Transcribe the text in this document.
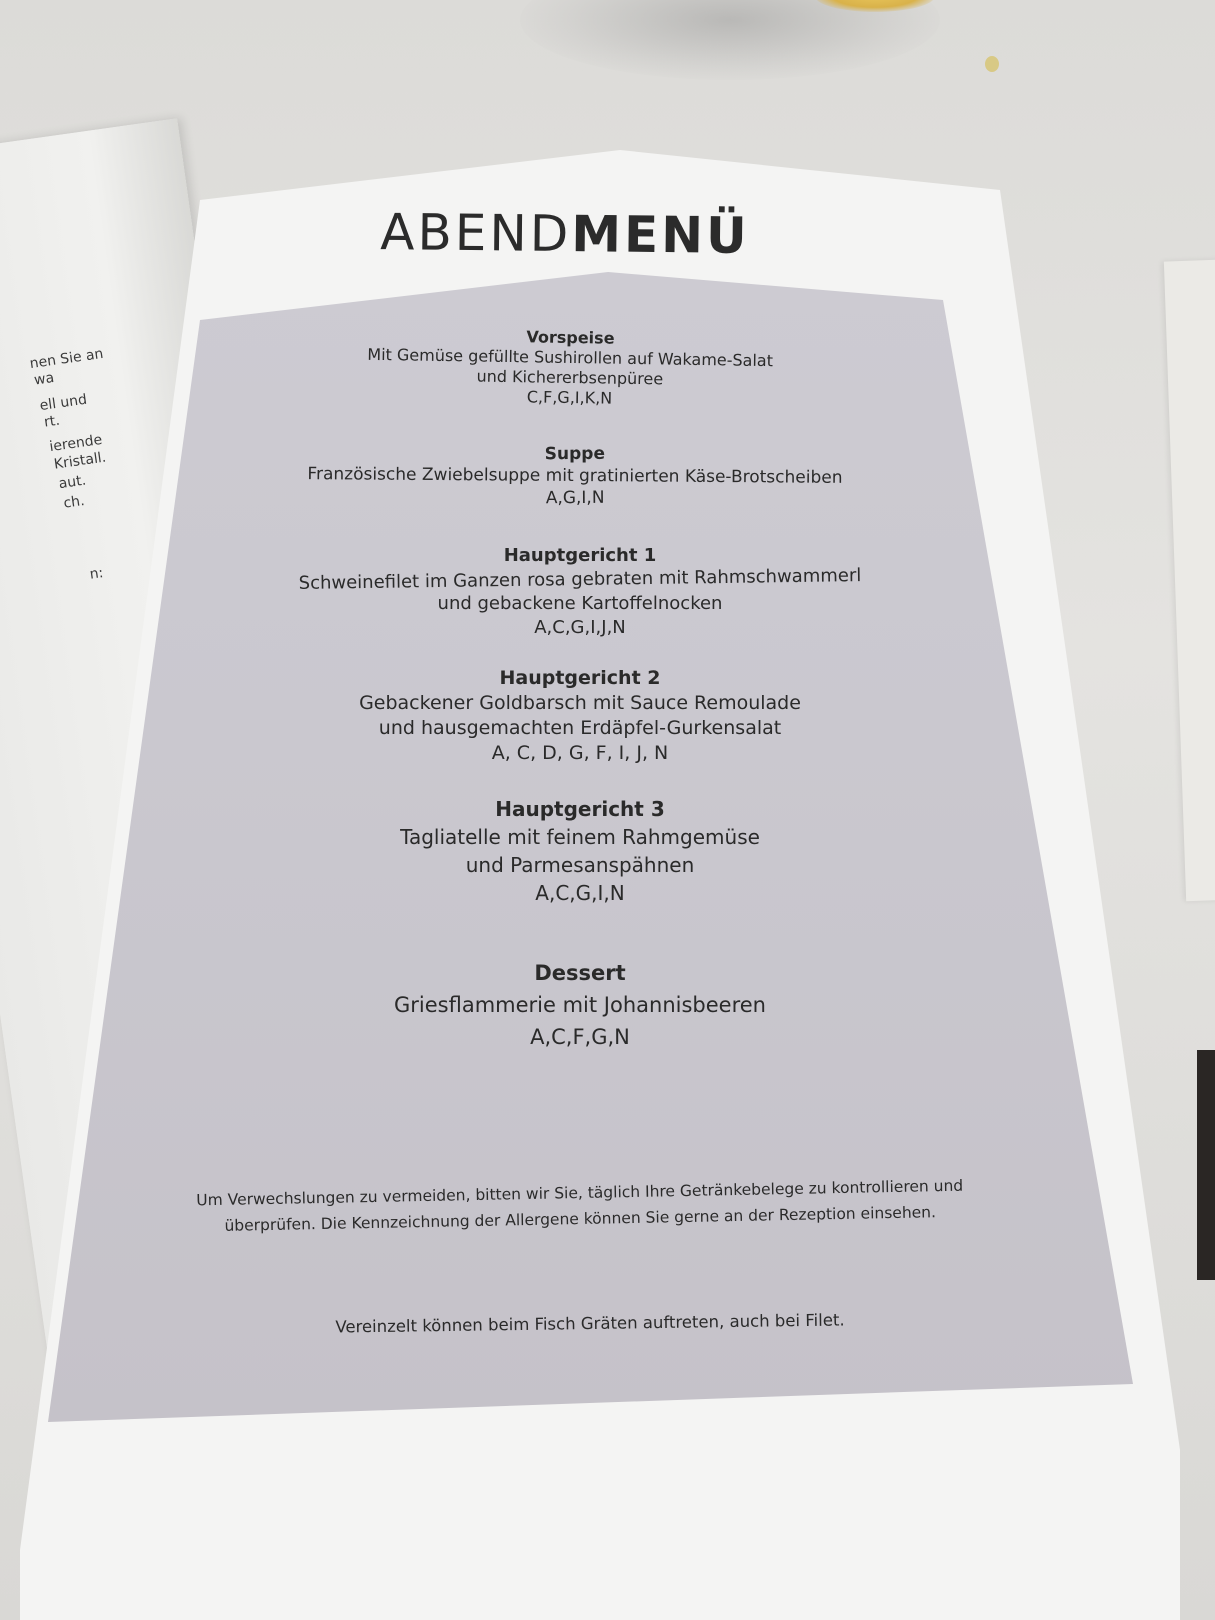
nen Sie an
wa
ell und
rt.
ierende
Kristall.
aut.
ch.
n:
ABENDMENÜ
Vorspeise
Mit Gemüse gefüllte Sushirollen auf Wakame-Salat
und Kichererbsenpüree
C,F,G,I,K,N
Suppe
Französische Zwiebelsuppe mit gratinierten Käse-Brotscheiben
A,G,I,N
Hauptgericht 1
Schweinefilet im Ganzen rosa gebraten mit Rahmschwammerl
und gebackene Kartoffelnocken
A,C,G,I,J,N
Hauptgericht 2
Gebackener Goldbarsch mit Sauce Remoulade
und hausgemachten Erdäpfel-Gurkensalat
A, C, D, G, F, I, J, N
Hauptgericht 3
Tagliatelle mit feinem Rahmgemüse
und Parmesanspähnen
A,C,G,I,N
Dessert
Griesflammerie mit Johannisbeeren
A,C,F,G,N
Um Verwechslungen zu vermeiden, bitten wir Sie, täglich Ihre Getränkebelege zu kontrollieren und
überprüfen. Die Kennzeichnung der Allergene können Sie gerne an der Rezeption einsehen.
Vereinzelt können beim Fisch Gräten auftreten, auch bei Filet.
